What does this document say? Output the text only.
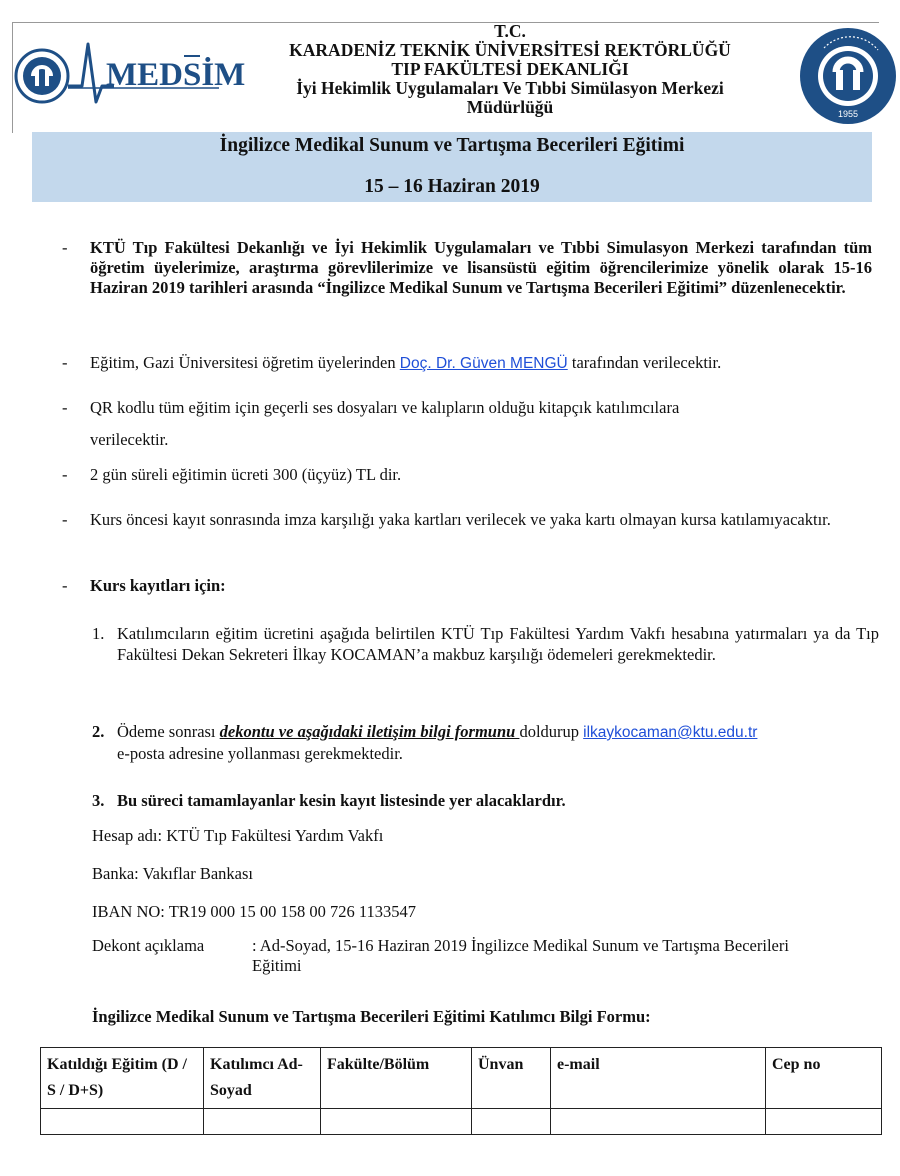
MEDSİM
1955
T.C.
KARADENİZ TEKNİK ÜNİVERSİTESİ REKTÖRLÜĞÜ
TIP FAKÜLTESİ DEKANLIĞI
İyi Hekimlik Uygulamaları Ve Tıbbi Simülasyon Merkezi
Müdürlüğü
İngilizce Medikal Sunum ve Tartışma Becerileri Eğitimi
15 – 16 Haziran 2019
- KTÜ Tıp Fakültesi Dekanlığı ve İyi Hekimlik Uygulamaları ve Tıbbi Simulasyon Merkezi tarafından tüm öğretim üyelerimize, araştırma görevlilerimize ve lisansüstü eğitim öğrencilerimize yönelik olarak 15-16 Haziran 2019 tarihleri arasında “İngilizce Medikal Sunum ve Tartışma Becerileri Eğitimi” düzenlenecektir.
- Eğitim, Gazi Üniversitesi öğretim üyelerinden Doç. Dr. Güven MENGÜ tarafından verilecektir.
- QR kodlu tüm eğitim için geçerli ses dosyaları ve kalıpların olduğu kitapçık katılımcılara
verilecektir.
- 2 gün süreli eğitimin ücreti 300 (üçyüz) TL dir.
- Kurs öncesi kayıt sonrasında imza karşılığı yaka kartları verilecek ve yaka kartı olmayan kursa katılamıyacaktır.
- Kurs kayıtları için:
1. Katılımcıların eğitim ücretini aşağıda belirtilen KTÜ Tıp Fakültesi Yardım Vakfı hesabına yatırmaları ya da Tıp Fakültesi Dekan Sekreteri İlkay KOCAMAN’a makbuz karşılığı ödemeleri gerekmektedir.
2. Ödeme sonrası dekontu ve aşağıdaki iletişim bilgi formunu doldurup ilkaykocaman@ktu.edu.tr
e-posta adresine yollanması gerekmektedir.
3. Bu süreci tamamlayanlar kesin kayıt listesinde yer alacaklardır.
Hesap adı: KTÜ Tıp Fakültesi Yardım Vakfı
Banka: Vakıflar Bankası
IBAN NO: TR19 000 15 00 158 00 726 1133547
Dekont açıklama	: Ad-Soyad, 15-16 Haziran 2019 İngilizce Medikal Sunum ve Tartışma Becerileri Eğitimi
İngilizce Medikal Sunum ve Tartışma Becerileri Eğitimi Katılımcı Bilgi Formu:
Katıldığı Eğitim (D / S / D+S)	Katılımcı Ad-Soyad	Fakülte/Bölüm	Ünvan	e-mail	Cep no
